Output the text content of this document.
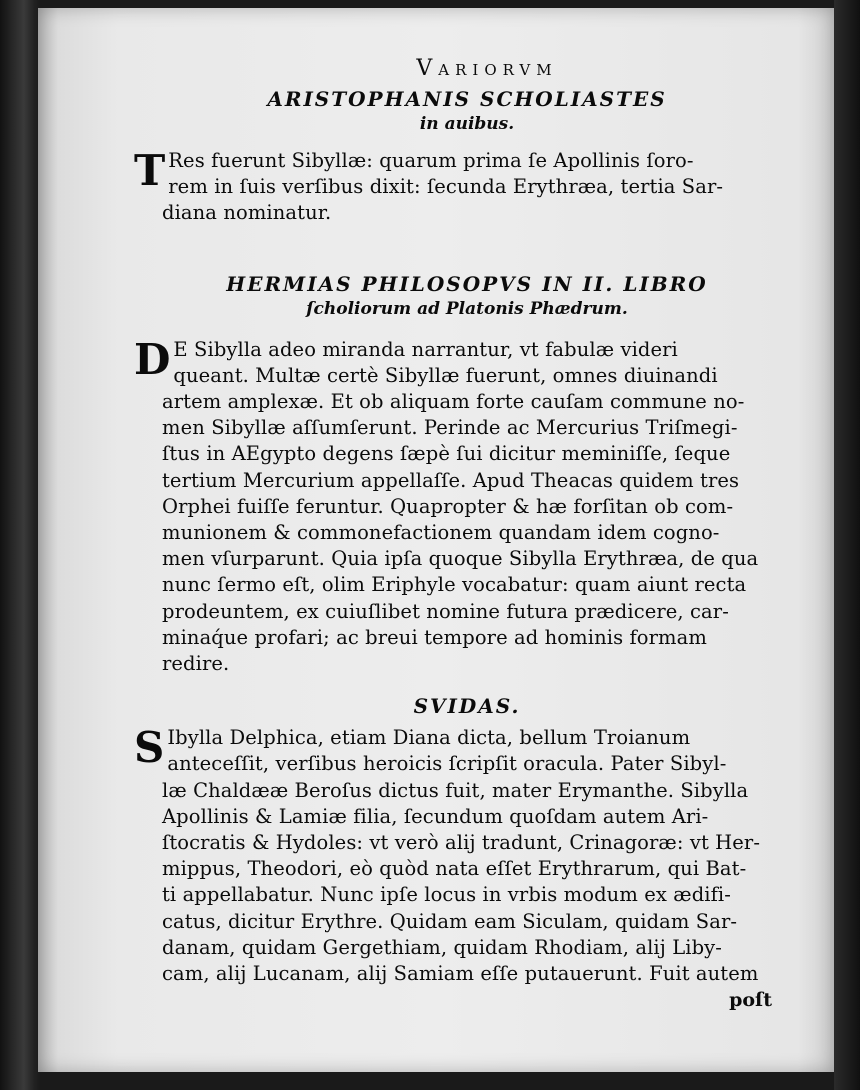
Variorvm

ARISTOPHANIS SCHOLIASTES

in auibus.

T Res fuerunt Sibyllæ: quarum prima ſe Apollinis ſoro-
rem in ſuis verſibus dixit: ſecunda Erythræa, tertia Sar-
diana nominatur.

HERMIAS PHILOSOPVS IN II. LIBRO

ſcholiorum ad Platonis Phædrum.

D E Sibylla adeo miranda narrantur, vt fabulæ videri
queant. Multæ certè Sibyllæ fuerunt, omnes diuinandi
artem amplexæ. Et ob aliquam forte cauſam commune no-
men Sibyllæ aſſumſerunt. Perinde ac Mercurius Triſmegi-
ſtus in AEgypto degens ſæpè ſui dicitur meminiſſe, ſeque
tertium Mercurium appellaſſe. Apud Theacas quidem tres
Orphei fuiſſe feruntur. Quapropter & hæ forſitan ob com-
munionem & commonefactionem quandam idem cogno-
men vſurparunt. Quia ipſa quoque Sibylla Erythræa, de qua
nunc ſermo eſt, olim Eriphyle vocabatur: quam aiunt recta
prodeuntem, ex cuiuſlibet nomine futura prædicere, car-
minaq́ue profari; ac breui tempore ad hominis formam
redire.

SVIDAS.

S Ibylla Delphica, etiam Diana dicta, bellum Troianum
anteceſſit, verſibus heroicis ſcripſit oracula. Pater Sibyl-
læ Chaldææ Beroſus dictus fuit, mater Erymanthe. Sibylla
Apollinis & Lamiæ filia, ſecundum quoſdam autem Ari-
ſtocratis & Hydoles: vt verò alij tradunt, Crinagoræ: vt Her-
mippus, Theodori, eò quòd nata eſſet Erythrarum, qui Bat-
ti appellabatur. Nunc ipſe locus in vrbis modum ex ædifi-
catus, dicitur Erythre. Quidam eam Siculam, quidam Sar-
danam, quidam Gergethiam, quidam Rhodiam, alij Liby-
cam, alij Lucanam, alij Samiam eſſe putauerunt. Fuit autem
poſt
